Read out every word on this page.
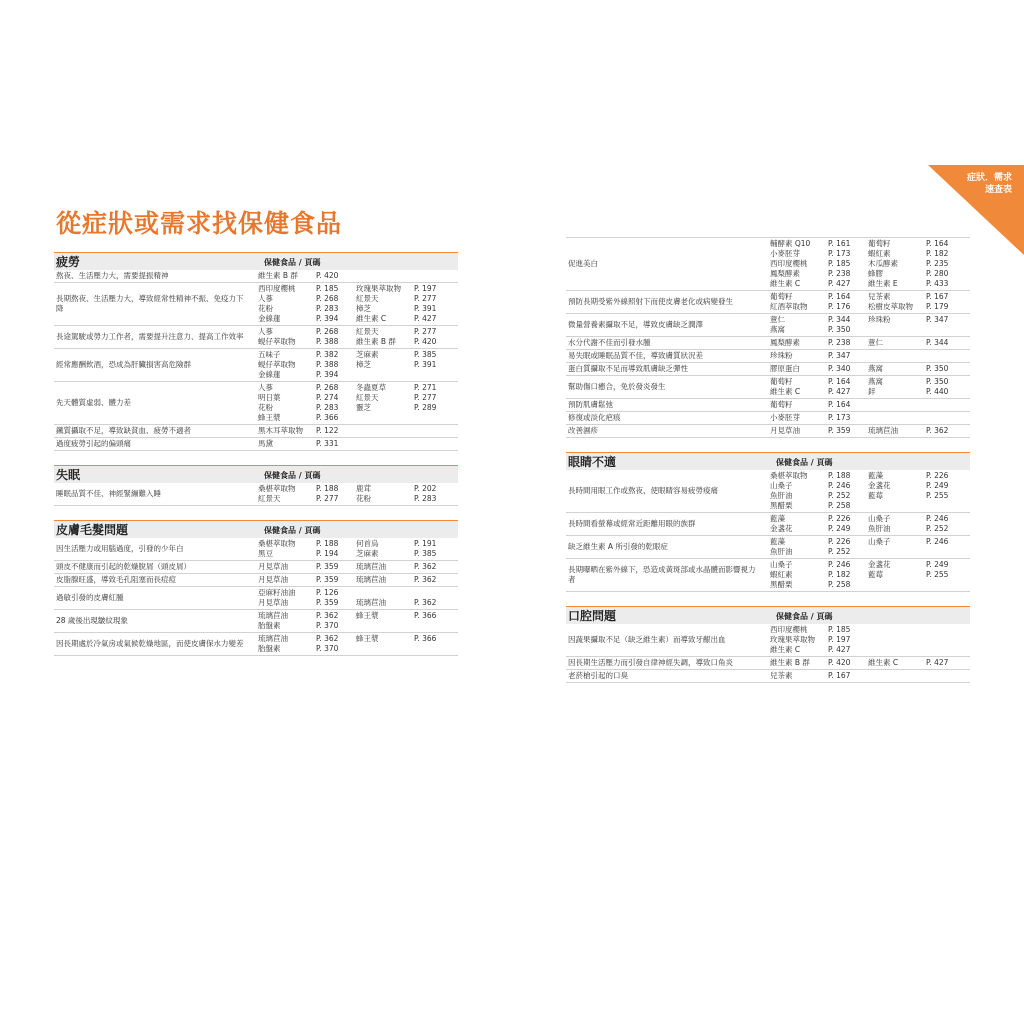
從症狀或需求找保健食品
症狀．需求
速查表
疲勞	保健食品 / 頁碼
熬夜、生活壓力大，需要提振精神	維生素 B 群	P. 420
長期熬夜、生活壓力大，導致經常性精神不振、免疫力下降
西印度櫻桃	P. 185	玫瑰果萃取物	P. 197
人蔘	P. 268	紅景天	P. 277
花粉	P. 283	樟芝	P. 391
金線蓮	P. 394	維生素 C	P. 427
長途駕駛或勞力工作者，需要提升注意力、提高工作效率
人蔘	P. 268	紅景天	P. 277
蜆仔萃取物	P. 388	維生素 B 群	P. 420
經常應酬飲酒，恐成為肝臟損害高危險群
五味子	P. 382	芝麻素	P. 385
蜆仔萃取物	P. 388	樟芝	P. 391
金線蓮	P. 394
先天體質虛弱、體力差
人蔘	P. 268	冬蟲夏草	P. 271
明日葉	P. 274	紅景天	P. 277
花粉	P. 283	靈芝	P. 289
蜂王漿	P. 366
鐵質攝取不足，導致缺貧血、疲勞不適者	黑木耳萃取物	P. 122
過度疲勞引起的偏頭痛	馬黛	P. 331
失眠	保健食品 / 頁碼
睡眠品質不佳、神經緊繃難入睡
桑椹萃取物	P. 188	鹿茸	P. 202
紅景天	P. 277	花粉	P. 283
皮膚毛髮問題	保健食品 / 頁碼
因生活壓力或用腦過度，引發的少年白
桑椹萃取物	P. 188	何首烏	P. 191
黑豆	P. 194	芝麻素	P. 385
頭皮不健康而引起的乾燥脫屑（頭皮屑）	月見草油	P. 359	琉璃苣油	P. 362
皮脂腺旺盛，導致毛孔阻塞而長痘痘	月見草油	P. 359	琉璃苣油	P. 362
過敏引發的皮膚紅腫
亞麻籽油油	P. 126
月見草油	P. 359	琉璃苣油	P. 362
28 歲後出現皺紋現象
琉璃苣油	P. 362	蜂王漿	P. 366
胎盤素	P. 370
因長期處於冷氣房或氣候乾燥地區，而使皮膚保水力變差
琉璃苣油	P. 362	蜂王漿	P. 366
胎盤素	P. 370
促進美白
輔酵素 Q10	P. 161	葡萄籽	P. 164
小麥胚芽	P. 173	蝦紅素	P. 182
西印度櫻桃	P. 185	木瓜酵素	P. 235
鳳梨酵素	P. 238	蜂膠	P. 280
維生素 C	P. 427	維生素 E	P. 433
預防長期受紫外線照射下而使皮膚老化或病變發生
葡萄籽	P. 164	兒茶素	P. 167
紅酒萃取物	P. 176	松樹皮萃取物	P. 179
微量營養素攝取不足，導致皮膚缺乏潤澤
薏仁	P. 344	珍珠粉	P. 347
燕窩	P. 350
水分代謝不佳而引發水腫	鳳梨酵素	P. 238	薏仁	P. 344
易失眠或睡眠品質不佳，導致膚質狀況差	珍珠粉	P. 347
蛋白質攝取不足而導致肌膚缺乏彈性	膠原蛋白	P. 340	燕窩	P. 350
幫助傷口癒合，免於發炎發生
葡萄籽	P. 164	燕窩	P. 350
維生素 C	P. 427	鋅	P. 440
預防肌膚鬆弛	葡萄籽	P. 164
修復或淡化疤痕	小麥胚芽	P. 173
改善濕疹	月見草油	P. 359	琉璃苣油	P. 362
眼睛不適	保健食品 / 頁碼
長時間用眼工作或熬夜，使眼睛容易疲勞痠痛
桑椹萃取物	P. 188	藍藻	P. 226
山桑子	P. 246	金盞花	P. 249
魚肝油	P. 252	藍莓	P. 255
黑醋栗	P. 258
長時間看螢幕或經常近距離用眼的族群
藍藻	P. 226	山桑子	P. 246
金盞花	P. 249	魚肝油	P. 252
缺乏維生素 A 所引發的乾眼症
藍藻	P. 226	山桑子	P. 246
魚肝油	P. 252
長期曝晒在紫外線下，恐造成黃斑部或水晶體而影響視力者
山桑子	P. 246	金盞花	P. 249
蝦紅素	P. 182	藍莓	P. 255
黑醋栗	P. 258
口腔問題	保健食品 / 頁碼
因蔬果攝取不足（缺乏維生素）而導致牙齦出血
西印度櫻桃	P. 185
玫瑰果萃取物	P. 197
維生素 C	P. 427
因長期生活壓力而引發自律神經失調，導致口角炎	維生素 B 群	P. 420	維生素 C	P. 427
老菸槍引起的口臭	兒茶素	P. 167
